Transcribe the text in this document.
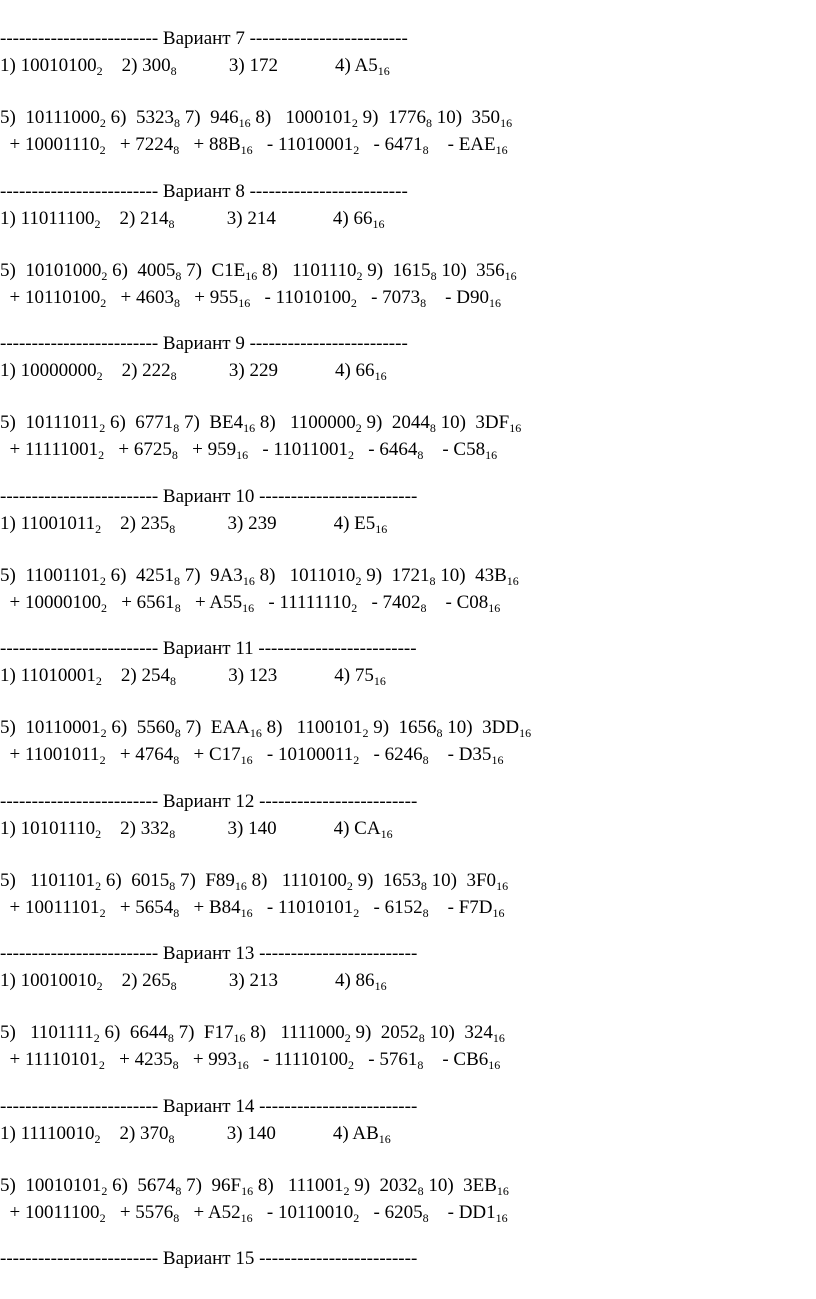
------------------------- Вариант 7 -------------------------
1) $10010100_2$    2) $300_8$           3) 172            4) $A5_{16}$
5)  $10111000_2$ 6)  $5323_8$ 7)  $946_{16}$ 8)   $1000101_2$ 9)  $1776_8$ 10)  $350_{16}$
+ $10001110_2 + 7224_8 + 88B_{16} - 11010001_2 - 6471_8$    - $EAE_{16}$
------------------------- Вариант 8 -------------------------
1) $11011100_2$    2) $214_8$           3) 214            4) $66_{16}$
5)  $10101000_2$ 6)  $4005_8$ 7)  $C1E_{16}$ 8)   $1101110_2$ 9)  $1615_8$ 10)  $356_{16}$
+ $10110100_2 + 4603_8 + 955_{16} - 11010100_2 - 7073_8$    - $D90_{16}$
------------------------- Вариант 9 -------------------------
1) $10000000_2$    2) $222_8$           3) 229            4) $66_{16}$
5)  $10111011_2$ 6)  $6771_8$ 7)  $BE4_{16}$ 8)   $1100000_2$ 9)  $2044_8$ 10)  $3DF_{16}$
+ $11111001_2 + 6725_8 + 959_{16} - 11011001_2 - 6464_8$    - $C58_{16}$
------------------------- Вариант 10 -------------------------
1) $11001011_2$    2) $235_8$           3) 239            4) $E5_{16}$
5)  $11001101_2$ 6)  $4251_8$ 7)  $9A3_{16}$ 8)   $1011010_2$ 9)  $1721_8$ 10)  $43B_{16}$
+ $10000100_2 + 6561_8 + A55_{16} - 11111110_2 - 7402_8$    - $C08_{16}$
------------------------- Вариант 11 -------------------------
1) $11010001_2$    2) $254_8$           3) 123            4) $75_{16}$
5)  $10110001_2$ 6)  $5560_8$ 7)  $EAA_{16}$ 8)   $1100101_2$ 9)  $1656_8$ 10)  $3DD_{16}$
+ $11001011_2 + 4764_8 + C17_{16} - 10100011_2 - 6246_8$    - $D35_{16}$
------------------------- Вариант 12 -------------------------
1) $10101110_2$    2) $332_8$           3) 140            4) $CA_{16}$
5)   $1101101_2$ 6)  $6015_8$ 7)  $F89_{16}$ 8)   $1110100_2$ 9)  $1653_8$ 10)  $3F0_{16}$
+ $10011101_2 + 5654_8 + B84_{16} - 11010101_2 - 6152_8$    - $F7D_{16}$
------------------------- Вариант 13 -------------------------
1) $10010010_2$    2) $265_8$           3) 213            4) $86_{16}$
5)   $1101111_2$ 6)  $6644_8$ 7)  $F17_{16}$ 8)   $1111000_2$ 9)  $2052_8$ 10)  $324_{16}$
+ $11110101_2 + 4235_8 + 993_{16} - 11110100_2 - 5761_8$    - $CB6_{16}$
------------------------- Вариант 14 -------------------------
1) $11110010_2$    2) $370_8$           3) 140            4) $AB_{16}$
5)  $10010101_2$ 6)  $5674_8$ 7)  $96F_{16}$ 8)   $111001_2$ 9)  $2032_8$ 10)  $3EB_{16}$
+ $10011100_2 + 5576_8 + A52_{16} - 10110010_2 - 6205_8$    - $DD1_{16}$
------------------------- Вариант 15 -------------------------
